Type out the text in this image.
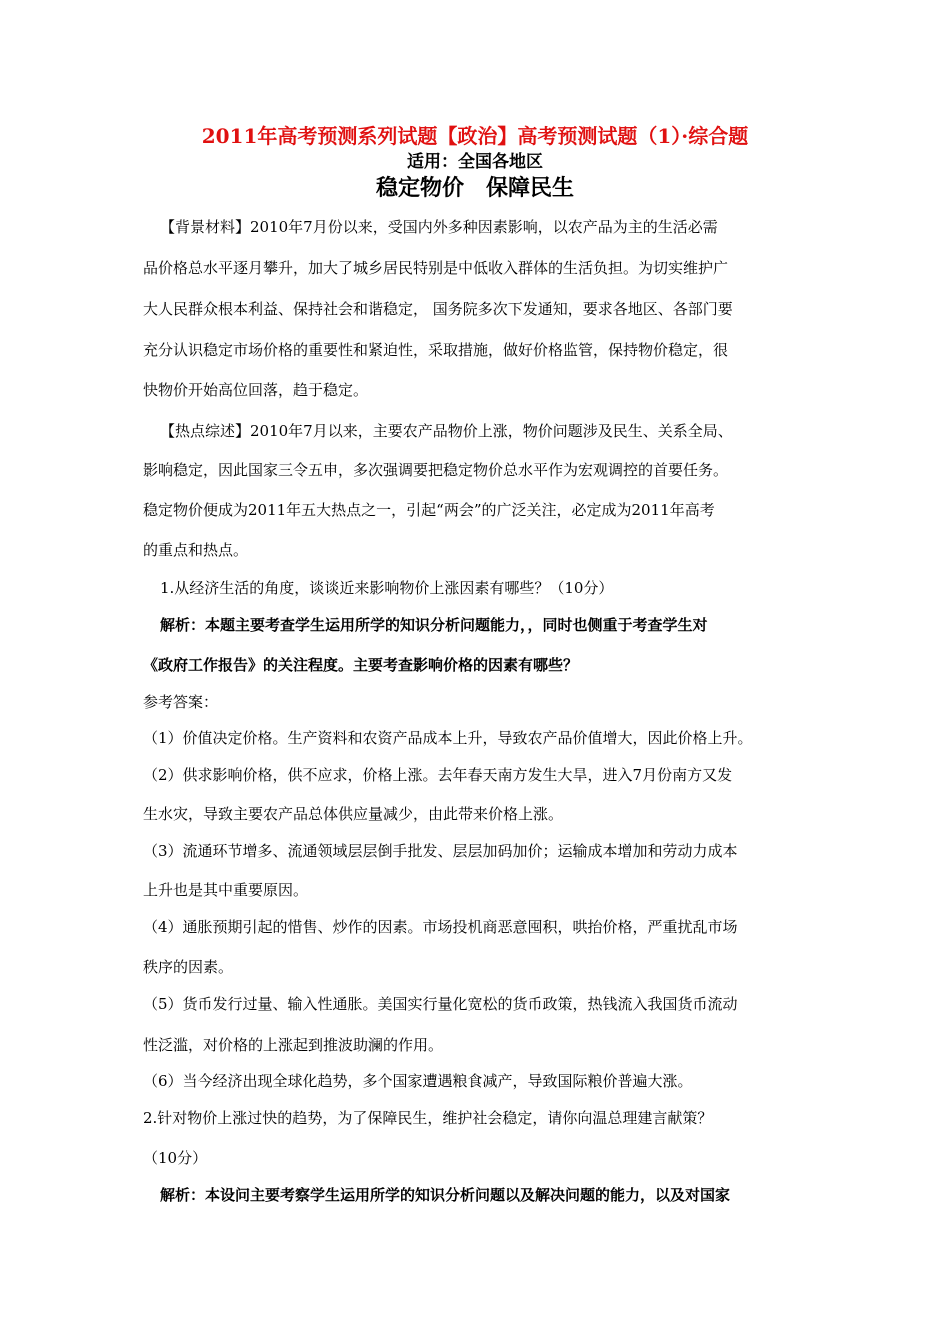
2011年高考预测系列试题【政治】高考预测试题（1）·综合题
适用：全国各地区
稳定物价　保障民生
【背景材料】2010年7月份以来，受国内外多种因素影响，以农产品为主的生活必需
品价格总水平逐月攀升，加大了城乡居民特别是中低收入群体的生活负担。为切实维护广
大人民群众根本利益、保持社会和谐稳定， 国务院多次下发通知，要求各地区、各部门要
充分认识稳定市场价格的重要性和紧迫性，采取措施，做好价格监管，保持物价稳定，很
快物价开始高位回落，趋于稳定。
【热点综述】2010年7月以来，主要农产品物价上涨，物价问题涉及民生、关系全局、
影响稳定，因此国家三令五申，多次强调要把稳定物价总水平作为宏观调控的首要任务。
稳定物价便成为2011年五大热点之一，引起“两会”的广泛关注，必定成为2011年高考
的重点和热点。
1.从经济生活的角度，谈谈近来影响物价上涨因素有哪些？（10分）
解析：本题主要考查学生运用所学的知识分析问题能力，，同时也侧重于考查学生对
《政府工作报告》的关注程度。主要考查影响价格的因素有哪些？
参考答案：
（1）价值决定价格。生产资料和农资产品成本上升，导致农产品价值增大，因此价格上升。
（2）供求影响价格，供不应求，价格上涨。去年春天南方发生大旱，进入7月份南方又发
生水灾，导致主要农产品总体供应量减少，由此带来价格上涨。
（3）流通环节增多、流通领域层层倒手批发、层层加码加价；运输成本增加和劳动力成本
上升也是其中重要原因。
（4）通胀预期引起的惜售、炒作的因素。市场投机商恶意囤积，哄抬价格，严重扰乱市场
秩序的因素。
（5）货币发行过量、输入性通胀。美国实行量化宽松的货币政策，热钱流入我国货币流动
性泛滥，对价格的上涨起到推波助澜的作用。
（6）当今经济出现全球化趋势，多个国家遭遇粮食减产，导致国际粮价普遍大涨。
2.针对物价上涨过快的趋势，为了保障民生，维护社会稳定，请你向温总理建言献策？
（10分）
解析：本设问主要考察学生运用所学的知识分析问题以及解决问题的能力，以及对国家
